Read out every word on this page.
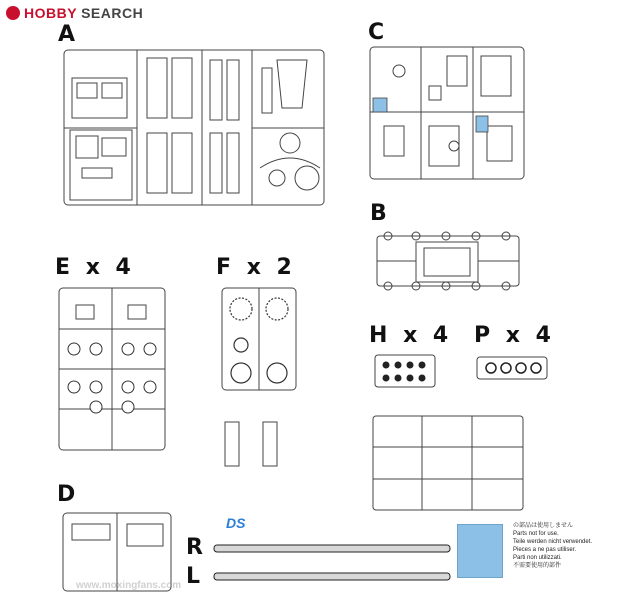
HOBBY SEARCH
A	C
B
E x 4	F x 2
H x 4 P x 4
D
DS
R
L
の部品は使用しません
Parts not for use.
Teile werden nicht verwendet.
Pieces a ne pas utiliser.
Parti non utilizzati.
不需要使用的部件
www.moxingfans.com
